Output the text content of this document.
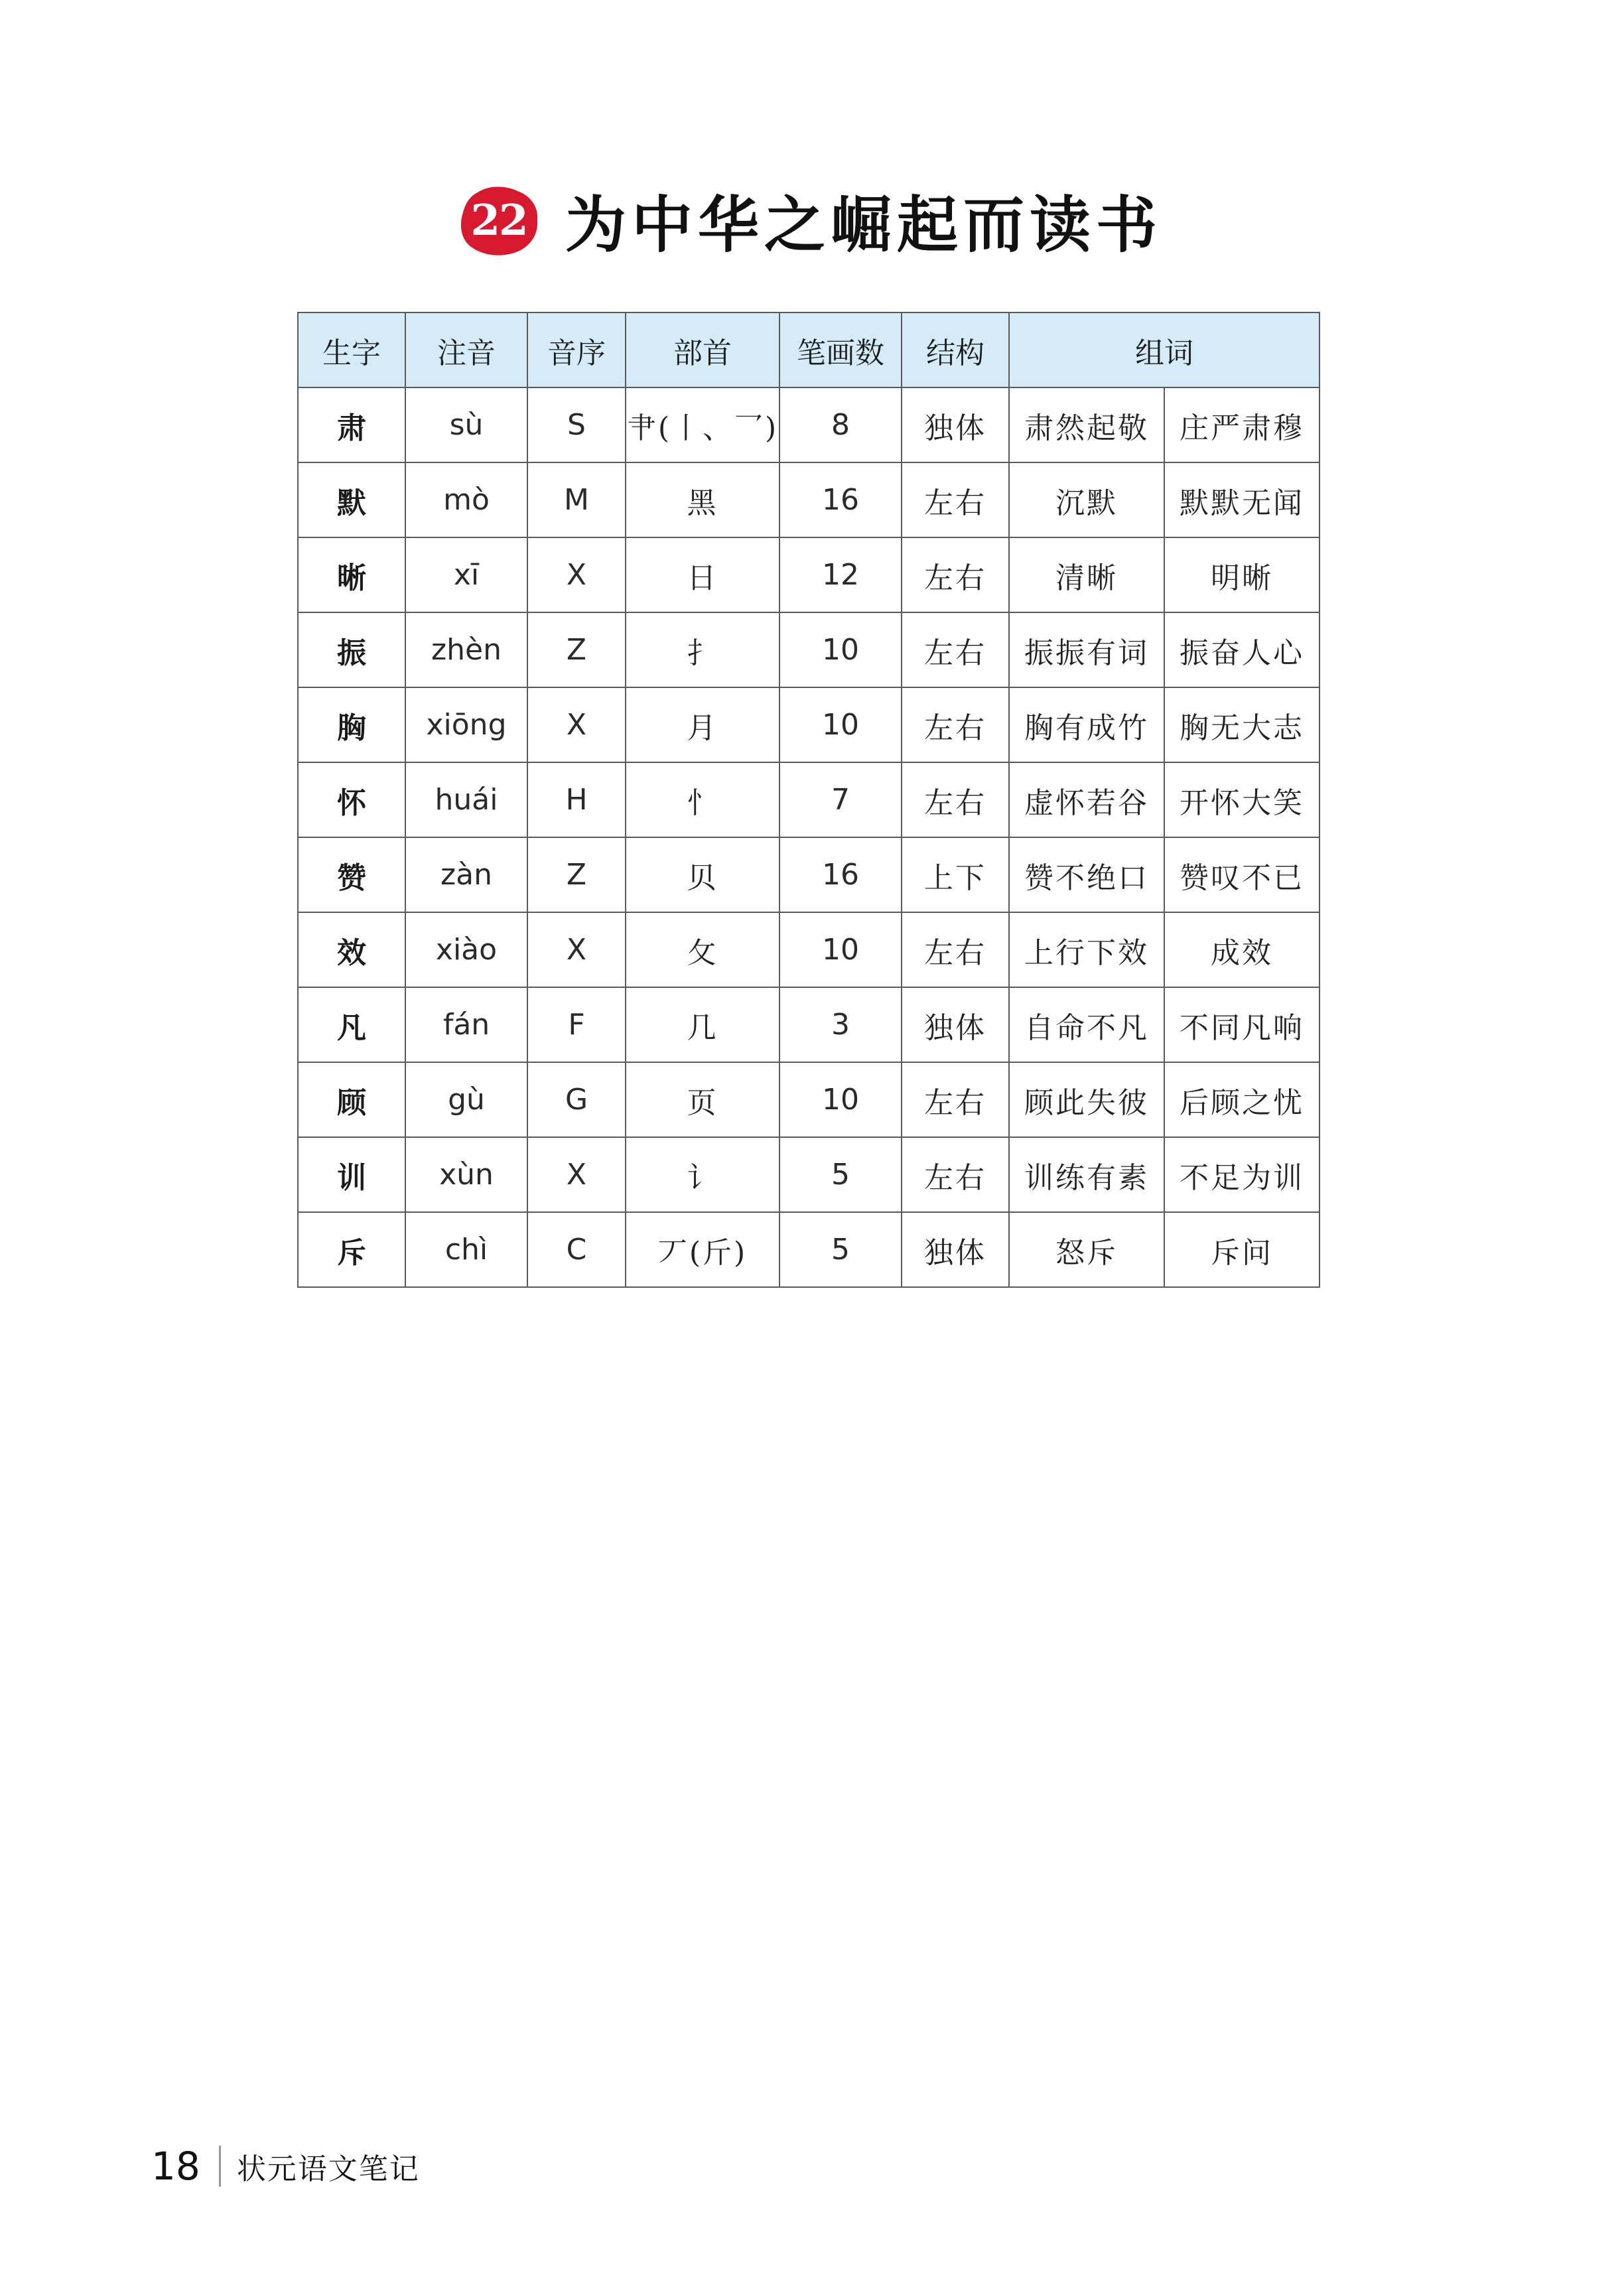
22 为中华之崛起而读书
生字	注音	音序	部首	笔画数	结构	组词	
肃	sù	S	肀(丨、乛)	8	独体	肃然起敬	庄严肃穆
默	mò	M	黑	16	左右	沉默	默默无闻
晰	xī	X	日	12	左右	清晰	明晰
振	zhèn	Z	扌	10	左右	振振有词	振奋人心
胸	xiōng	X	月	10	左右	胸有成竹	胸无大志
怀	huái	H	忄	7	左右	虚怀若谷	开怀大笑
赞	zàn	Z	贝	16	上下	赞不绝口	赞叹不已
效	xiào	X	攵	10	左右	上行下效	成效
凡	fán	F	几	3	独体	自命不凡	不同凡响
顾	gù	G	页	10	左右	顾此失彼	后顾之忧
训	xùn	X	讠	5	左右	训练有素	不足为训
斥	chì	C	丆(斤)	5	独体	怒斥	斥问
18 状元语文笔记
